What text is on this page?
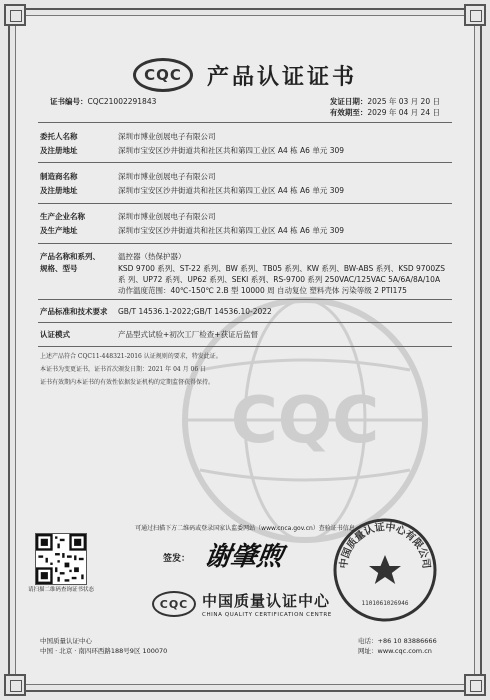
CQC
CQC	产品认证证书
证书编号：CQC21002291843	发证日期：2025 年 03 月 20 日
有效期至：2029 年 04 月 24 日
委托人名称	深圳市博业创展电子有限公司
及注册地址	深圳市宝安区沙井街道共和社区共和第四工业区 A4 栋 A6 单元 309
制造商名称	深圳市博业创展电子有限公司
及注册地址	深圳市宝安区沙井街道共和社区共和第四工业区 A4 栋 A6 单元 309
生产企业名称	深圳市博业创展电子有限公司
及生产地址	深圳市宝安区沙井街道共和社区共和第四工业区 A4 栋 A6 单元 309
产品名称和系列、	温控器（热保护器）
规格、型号	KSD 9700 系列、ST-22 系列、BW 系列、TB05 系列、KW 系列、BW-ABS 系列、KSD 9700ZS 系 列、UP72 系列、UP62 系列、SEKI 系列、RS-9700 系列 250VAC/125VAC 5A/6A/8A/10A 动作温度范围：40℃-150℃ 2.B 型 10000 周 自动复位 塑料壳体 污染等级 2 PTI175
产品标准和技术要求	GB/T 14536.1-2022;GB/T 14536.10-2022
认证模式	产品型式试验+初次工厂检查+获证后监督
上述产品符合 CQC11-448321-2016 认证规则的要求，特发此证。
本证书为变更证书，证书首次颁发日期：2021 年 04 月 06 日
证书有效期内本证书的有效性依据发证机构的定期监督获得保持。
可通过扫描下方二维码或登录国家认监委网站（www.cnca.gov.cn）查验证书信息
请扫描二维码查询证书状态
签发： 谢肇煦	中国质量认证中心有限公司
1101061026946
CQC 中国质量认证中心
CHINA QUALITY CERTIFICATION CENTRE
中国质量认证中心
中国 · 北京 · 南四环西路188号9区 100070
电话：+86 10 83886666
网址：www.cqc.com.cn
